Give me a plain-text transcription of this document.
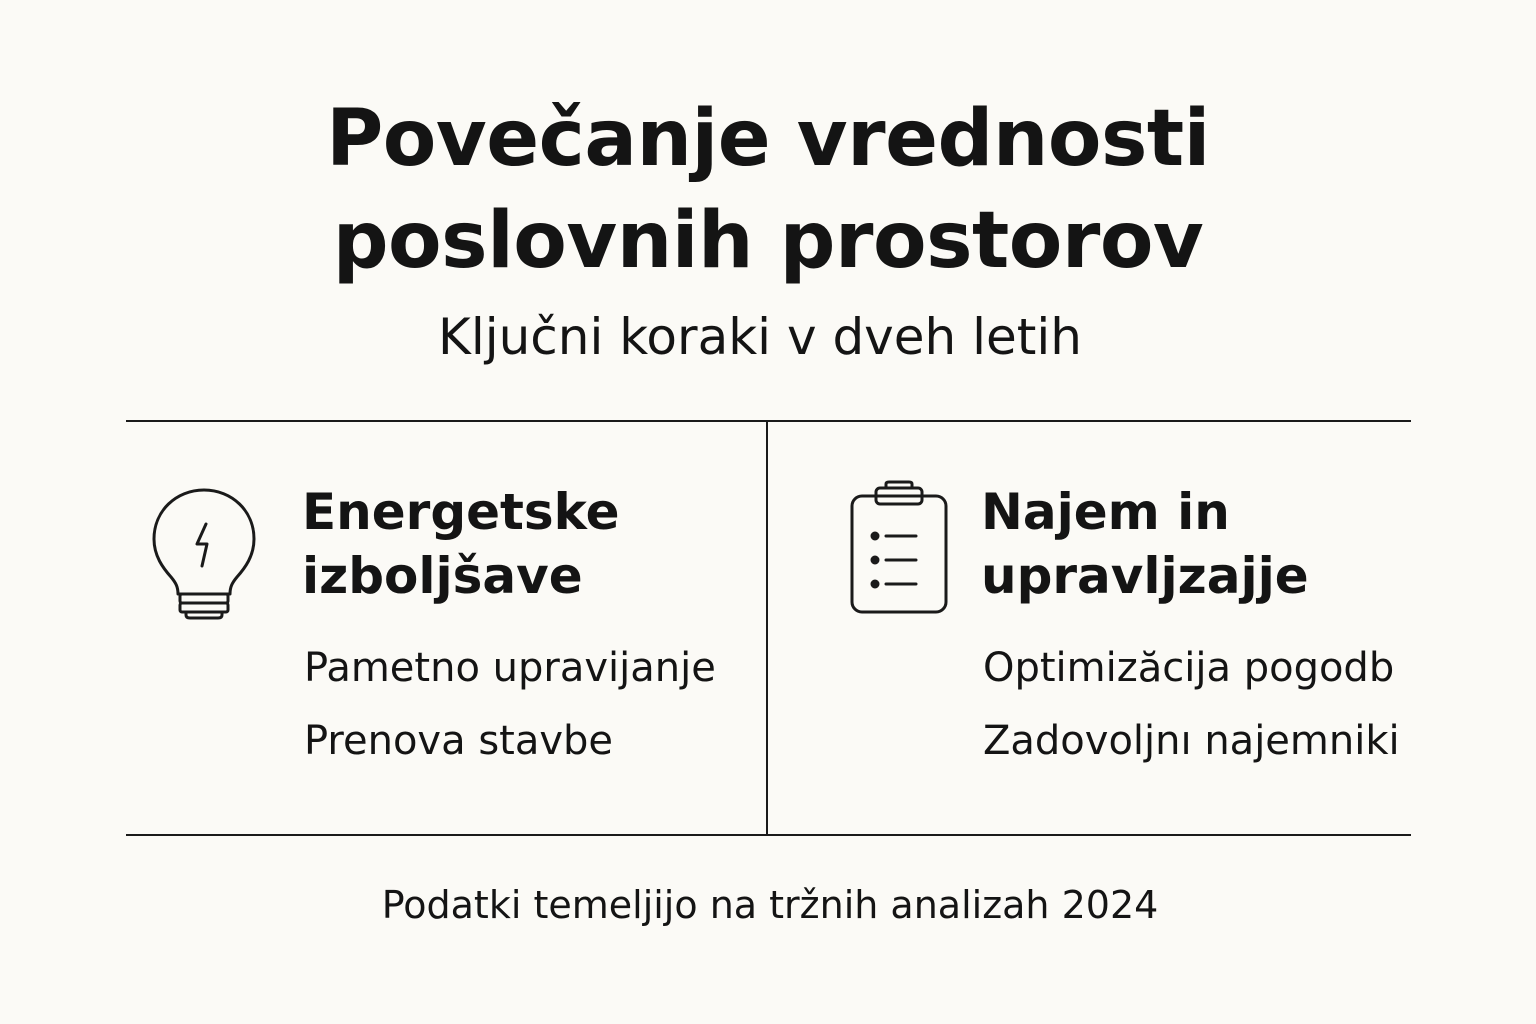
Povečanje vrednosti
poslovnih prostorov

Ključni koraki v dveh letih

Energetske
izboljšave
Pametno upravijanje
Prenova stavbe
Najem in
upravljzajje
Optimizăcija pogodb
Zadovoljnı najemniki
Podatki temeljijo na tržnih analizah 2024
